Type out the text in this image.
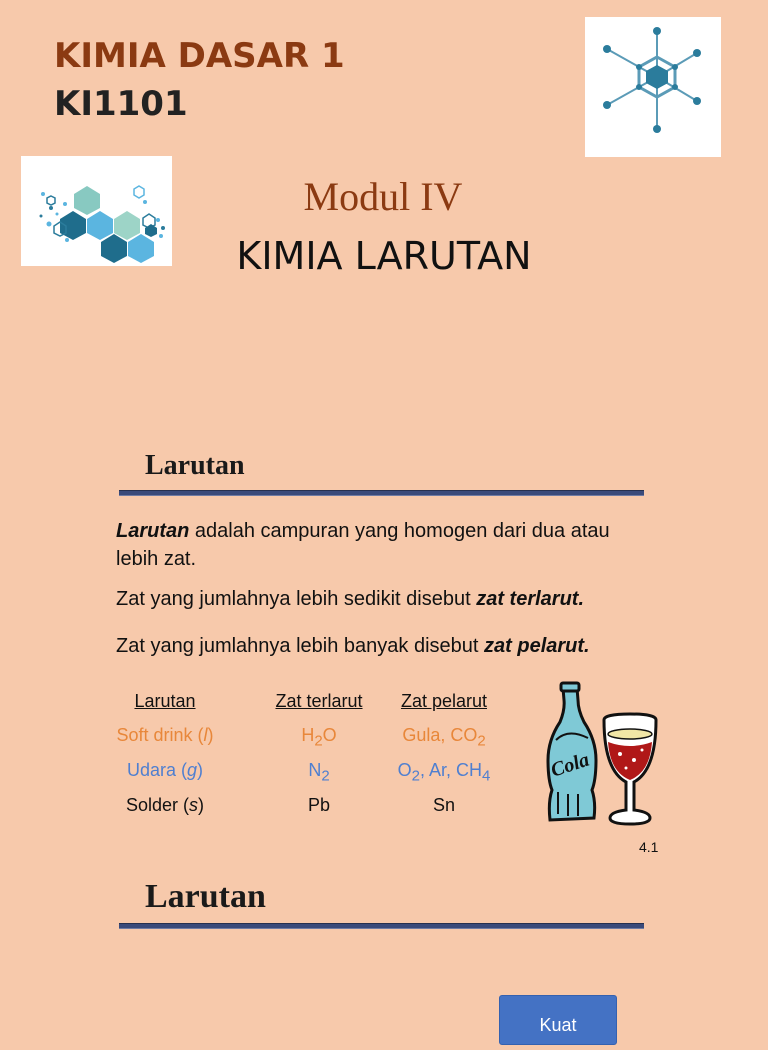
KIMIA DASAR 1
KI1101
Modul IV
KIMIA LARUTAN
Larutan
Larutan adalah campuran yang homogen dari dua atau lebih zat.
Zat yang jumlahnya lebih sedikit disebut zat terlarut.
Zat yang jumlahnya lebih banyak disebut zat pelarut.
Larutan	Zat terlarut	Zat pelarut
Soft drink (l)	$H_2O$	Gula, $CO_2$
Udara (g)	$N_2$	$O_2$, Ar, $CH_4$
Solder (s)	Pb	Sn
Cola
4.1
Larutan
Kuat
